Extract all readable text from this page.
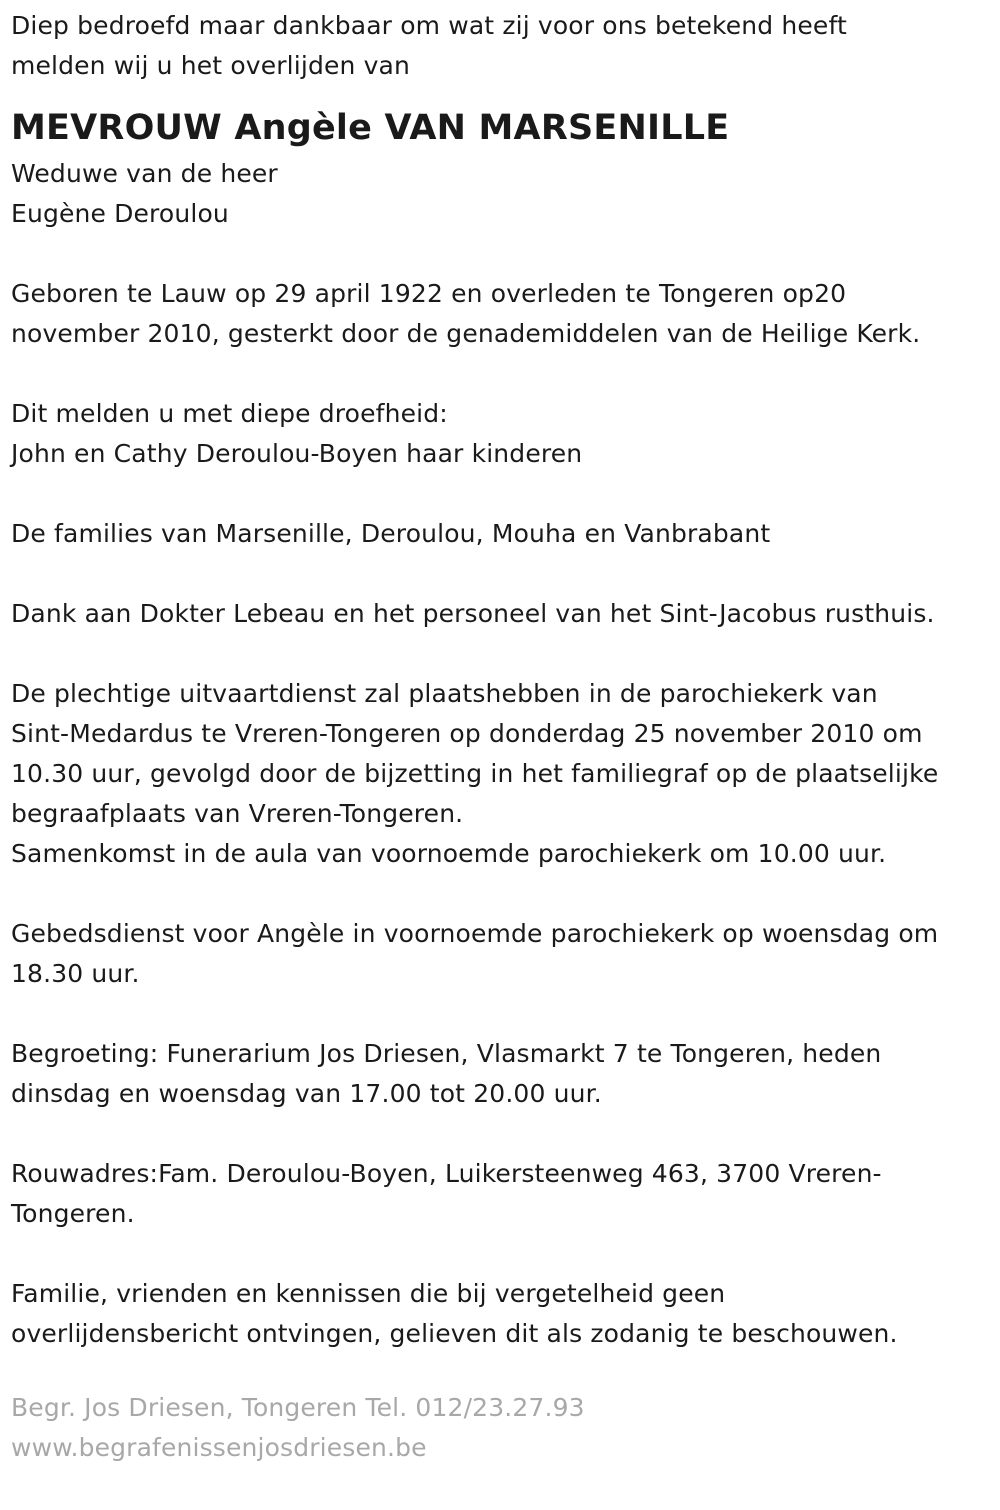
Diep bedroefd maar dankbaar om wat zij voor ons betekend heeft
melden wij u het overlijden van
MEVROUW Angèle VAN MARSENILLE
Weduwe van de heer
Eugène Deroulou
Geboren te Lauw op 29 april 1922 en overleden te Tongeren op20
november 2010, gesterkt door de genademiddelen van de Heilige Kerk.
Dit melden u met diepe droefheid:
John en Cathy Deroulou-Boyen haar kinderen
De families van Marsenille, Deroulou, Mouha en Vanbrabant
Dank aan Dokter Lebeau en het personeel van het Sint-Jacobus rusthuis.
De plechtige uitvaartdienst zal plaatshebben in de parochiekerk van
Sint-Medardus te Vreren-Tongeren op donderdag 25 november 2010 om
10.30 uur, gevolgd door de bijzetting in het familiegraf op de plaatselijke
begraafplaats van Vreren-Tongeren.
Samenkomst in de aula van voornoemde parochiekerk om 10.00 uur.
Gebedsdienst voor Angèle in voornoemde parochiekerk op woensdag om
18.30 uur.
Begroeting: Funerarium Jos Driesen, Vlasmarkt 7 te Tongeren, heden
dinsdag en woensdag van 17.00 tot 20.00 uur.
Rouwadres:Fam. Deroulou-Boyen, Luikersteenweg 463, 3700 Vreren-
Tongeren.
Familie, vrienden en kennissen die bij vergetelheid geen
overlijdensbericht ontvingen, gelieven dit als zodanig te beschouwen.
Begr. Jos Driesen, Tongeren Tel. 012/23.27.93
www.begrafenissenjosdriesen.be
